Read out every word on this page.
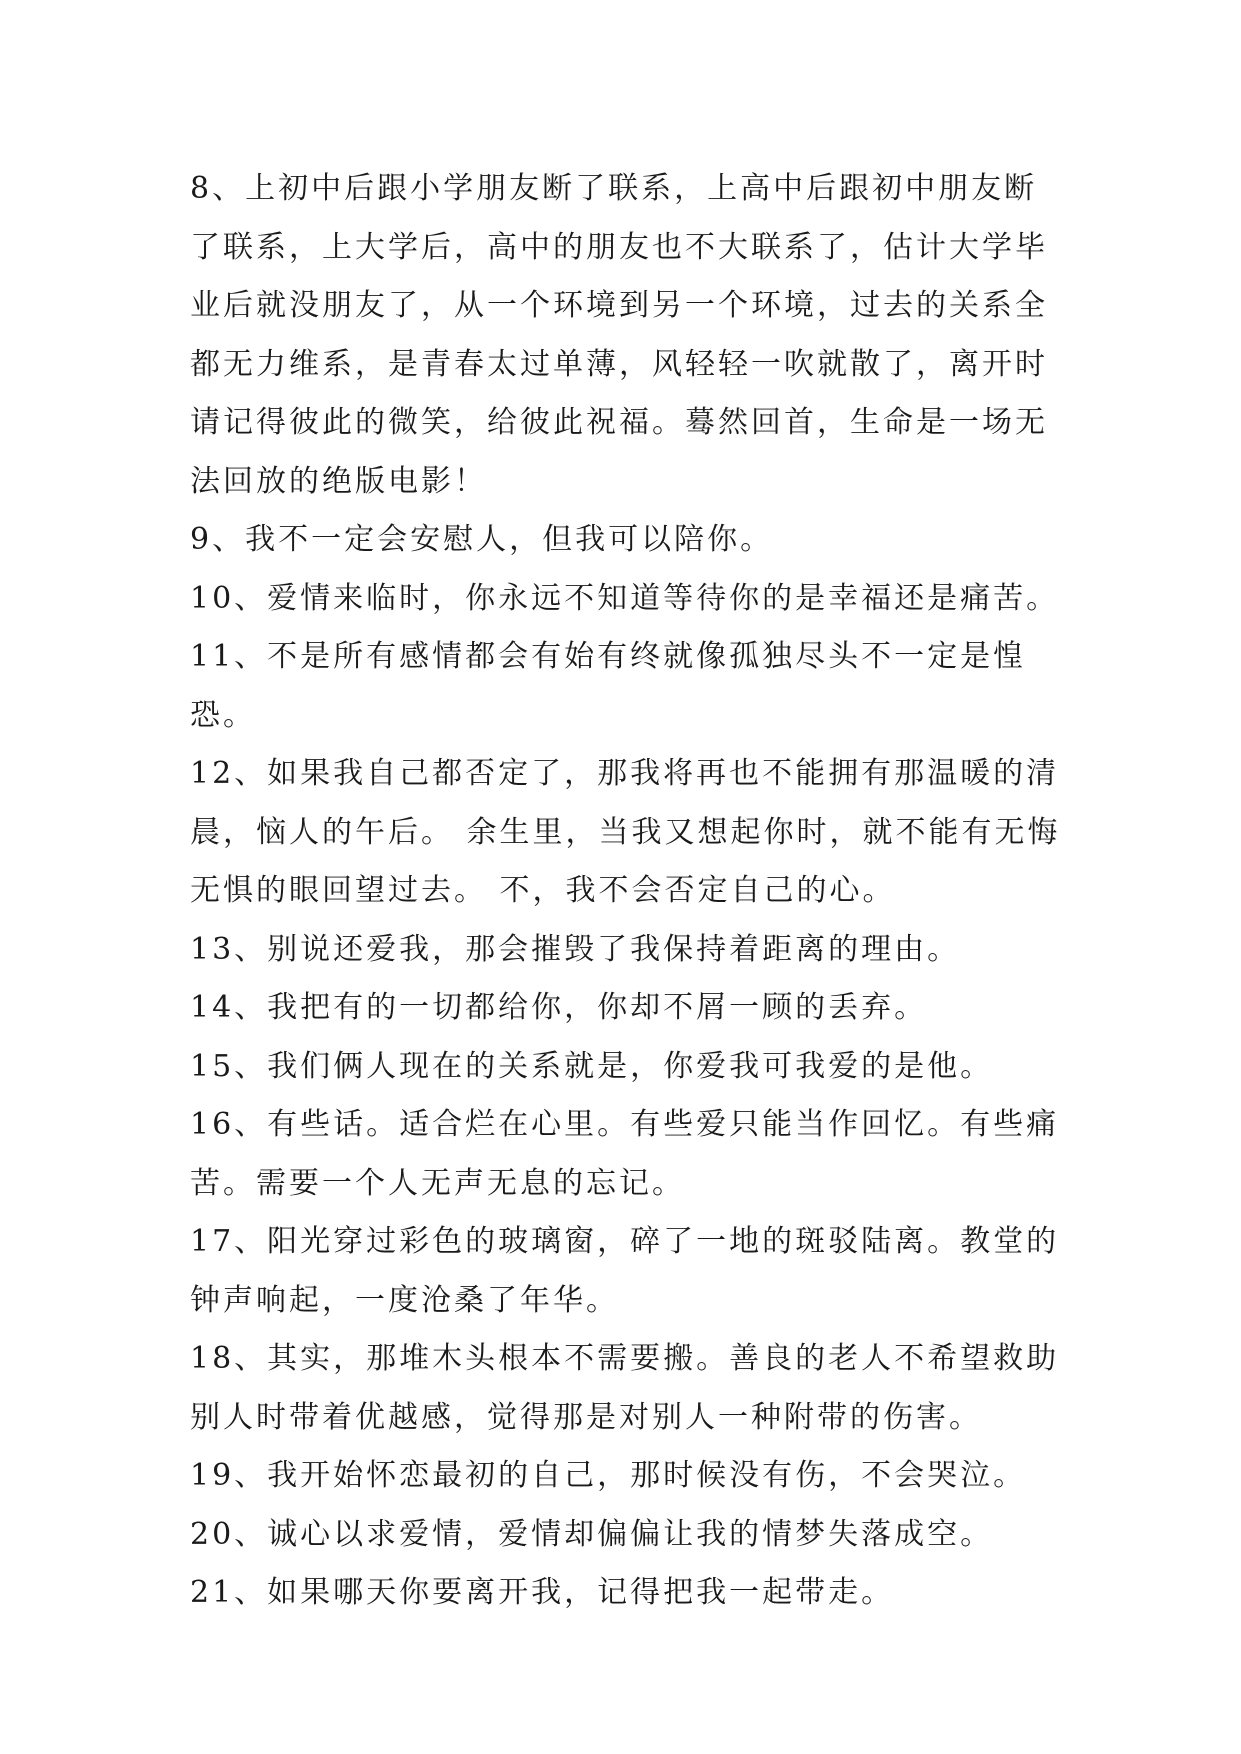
8、上初中后跟小学朋友断了联系，上高中后跟初中朋友断了联系，上大学后，高中的朋友也不大联系了，估计大学毕业后就没朋友了，从一个环境到另一个环境，过去的关系全都无力维系，是青春太过单薄，风轻轻一吹就散了，离开时请记得彼此的微笑，给彼此祝福。蓦然回首，生命是一场无法回放的绝版电影！

9、我不一定会安慰人，但我可以陪你。

10、爱情来临时，你永远不知道等待你的是幸福还是痛苦。

11、不是所有感情都会有始有终就像孤独尽头不一定是惶恐。

12、如果我自己都否定了，那我将再也不能拥有那温暖的清晨，恼人的午后。 余生里，当我又想起你时，就不能有无悔无惧的眼回望过去。 不，我不会否定自己的心。

13、别说还爱我，那会摧毁了我保持着距离的理由。

14、我把有的一切都给你，你却不屑一顾的丢弃。

15、我们俩人现在的关系就是，你爱我可我爱的是他。

16、有些话。适合烂在心里。有些爱只能当作回忆。有些痛苦。需要一个人无声无息的忘记。

17、阳光穿过彩色的玻璃窗，碎了一地的斑驳陆离。教堂的钟声响起，一度沧桑了年华。

18、其实，那堆木头根本不需要搬。善良的老人不希望救助别人时带着优越感，觉得那是对别人一种附带的伤害。

19、我开始怀恋最初的自己，那时候没有伤，不会哭泣。

20、诚心以求爱情，爱情却偏偏让我的情梦失落成空。

21、如果哪天你要离开我，记得把我一起带走。
